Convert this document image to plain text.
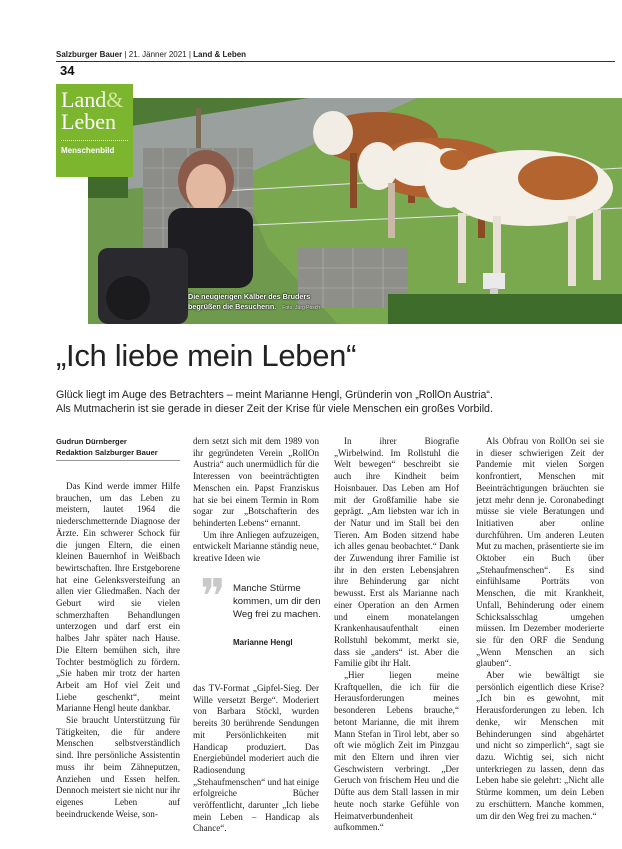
Salzburger Bauer | 21. Jänner 2021 | Land & Leben
34
Die neugierigen Kälber des Bruders
begrüßen die Besucherin. Foto: Jürg Posch
Land&
Leben
Menschenbild
„Ich liebe mein Leben“

Glück liegt im Auge des Betrachters – meint Marianne Hengl, Gründerin von „RollOn Austria“.

Als Mutmacherin ist sie gerade in dieser Zeit der Krise für viele Menschen ein großes Vorbild.

Gudrun Dürnberger
Redaktion Salzburger Bauer

Das Kind werde immer Hilfe brauchen, um das Leben zu meistern, lautet 1964 die niederschmetternde Diagnose der Ärzte. Ein schwerer Schock für die jungen Eltern, die einen kleinen Bauernhof in Weißbach bewirtschaften. Ihre Erstgeborene hat eine Gelenksversteifung an allen vier Gliedmaßen. Nach der Geburt wird sie vielen schmerzhaften Behandlungen unterzogen und darf erst ein halbes Jahr später nach Hause. Die Eltern bemühen sich, ihre Tochter bestmöglich zu fördern. „Sie haben mir trotz der harten Arbeit am Hof viel Zeit und Liebe geschenkt“, meint Marianne Hengl heute dankbar.

Sie braucht Unterstützung für Tätigkeiten, die für andere Menschen selbstverständlich sind. Ihre persönliche Assistentin muss ihr beim Zähneputzen, Anziehen und Essen helfen. Dennoch meistert sie nicht nur ihr eigenes Leben auf beeindruckende Weise, son-

dern setzt sich mit dem 1989 von ihr gegründeten Verein „RollOn Austria“ auch unermüdlich für die Interessen von beeinträchtigten Menschen ein. Papst Franziskus hat sie bei einem Termin in Rom sogar zur „Botschafterin des behinderten Lebens“ ernannt.

Um ihre Anliegen aufzuzeigen, entwickelt Marianne ständig neue, kreative Ideen wie

❞ Manche Stürme kommen, um dir den Weg frei zu machen.
Marianne Hengl

das TV-Format „Gipfel-Sieg. Der Wille versetzt Berge“. Moderiert von Barbara Stöckl, wurden bereits 30 berührende Sendungen mit Persönlichkeiten mit Handicap produziert. Das Energiebündel moderiert auch die Radiosendung „Stehaufmenschen“ und hat einige erfolgreiche Bücher veröffentlicht, darunter „Ich liebe mein Leben – Handicap als Chance“.

In ihrer Biografie „Wirbelwind. Im Rollstuhl die Welt bewegen“ beschreibt sie auch ihre Kindheit beim Hoisnbauer. Das Leben am Hof mit der Großfamilie habe sie geprägt. „Am liebsten war ich in der Natur und im Stall bei den Tieren. Am Boden sitzend habe ich alles genau beobachtet.“ Dank der Zuwendung ihrer Familie ist ihr in den ersten Lebensjahren ihre Behinderung gar nicht bewusst. Erst als Marianne nach einer Operation an den Armen und einem monatelangen Krankenhausaufenthalt einen Rollstuhl bekommt, merkt sie, dass sie „anders“ ist. Aber die Familie gibt ihr Halt.

„Hier liegen meine Kraftquellen, die ich für die Herausforderungen meines besonderen Lebens brauche,“ betont Marianne, die mit ihrem Mann Stefan in Tirol lebt, aber so oft wie möglich Zeit im Pinzgau mit den Eltern und ihren vier Geschwistern verbringt. „Der Geruch von frischem Heu und die Düfte aus dem Stall lassen in mir heute noch starke Gefühle von Heimatverbundenheit aufkommen.“

Als Obfrau von RollOn sei sie in dieser schwierigen Zeit der Pandemie mit vielen Sorgen konfrontiert, Menschen mit Beeinträchtigungen bräuchten sie jetzt mehr denn je. Coronabedingt müsse sie viele Beratungen und Initiativen aber online durchführen. Um anderen Leuten Mut zu machen, präsentierte sie im Oktober ein Buch über „Stehaufmenschen“. Es sind einfühlsame Porträts von Menschen, die mit Krankheit, Unfall, Behinderung oder einem Schicksalsschlag umgehen müssen. Im Dezember moderierte sie für den ORF die Sendung „Wenn Menschen an sich glauben“.

Aber wie bewältigt sie persönlich eigentlich diese Krise? „Ich bin es gewohnt, mit Herausforderungen zu leben. Ich denke, wir Menschen mit Behinderungen sind abgehärtet und nicht so zimperlich“, sagt sie dazu. Wichtig sei, sich nicht unterkriegen zu lassen, denn das Leben habe sie gelehrt: „Nicht alle Stürme kommen, um dein Leben zu erschüttern. Manche kommen, um dir den Weg frei zu machen.“
